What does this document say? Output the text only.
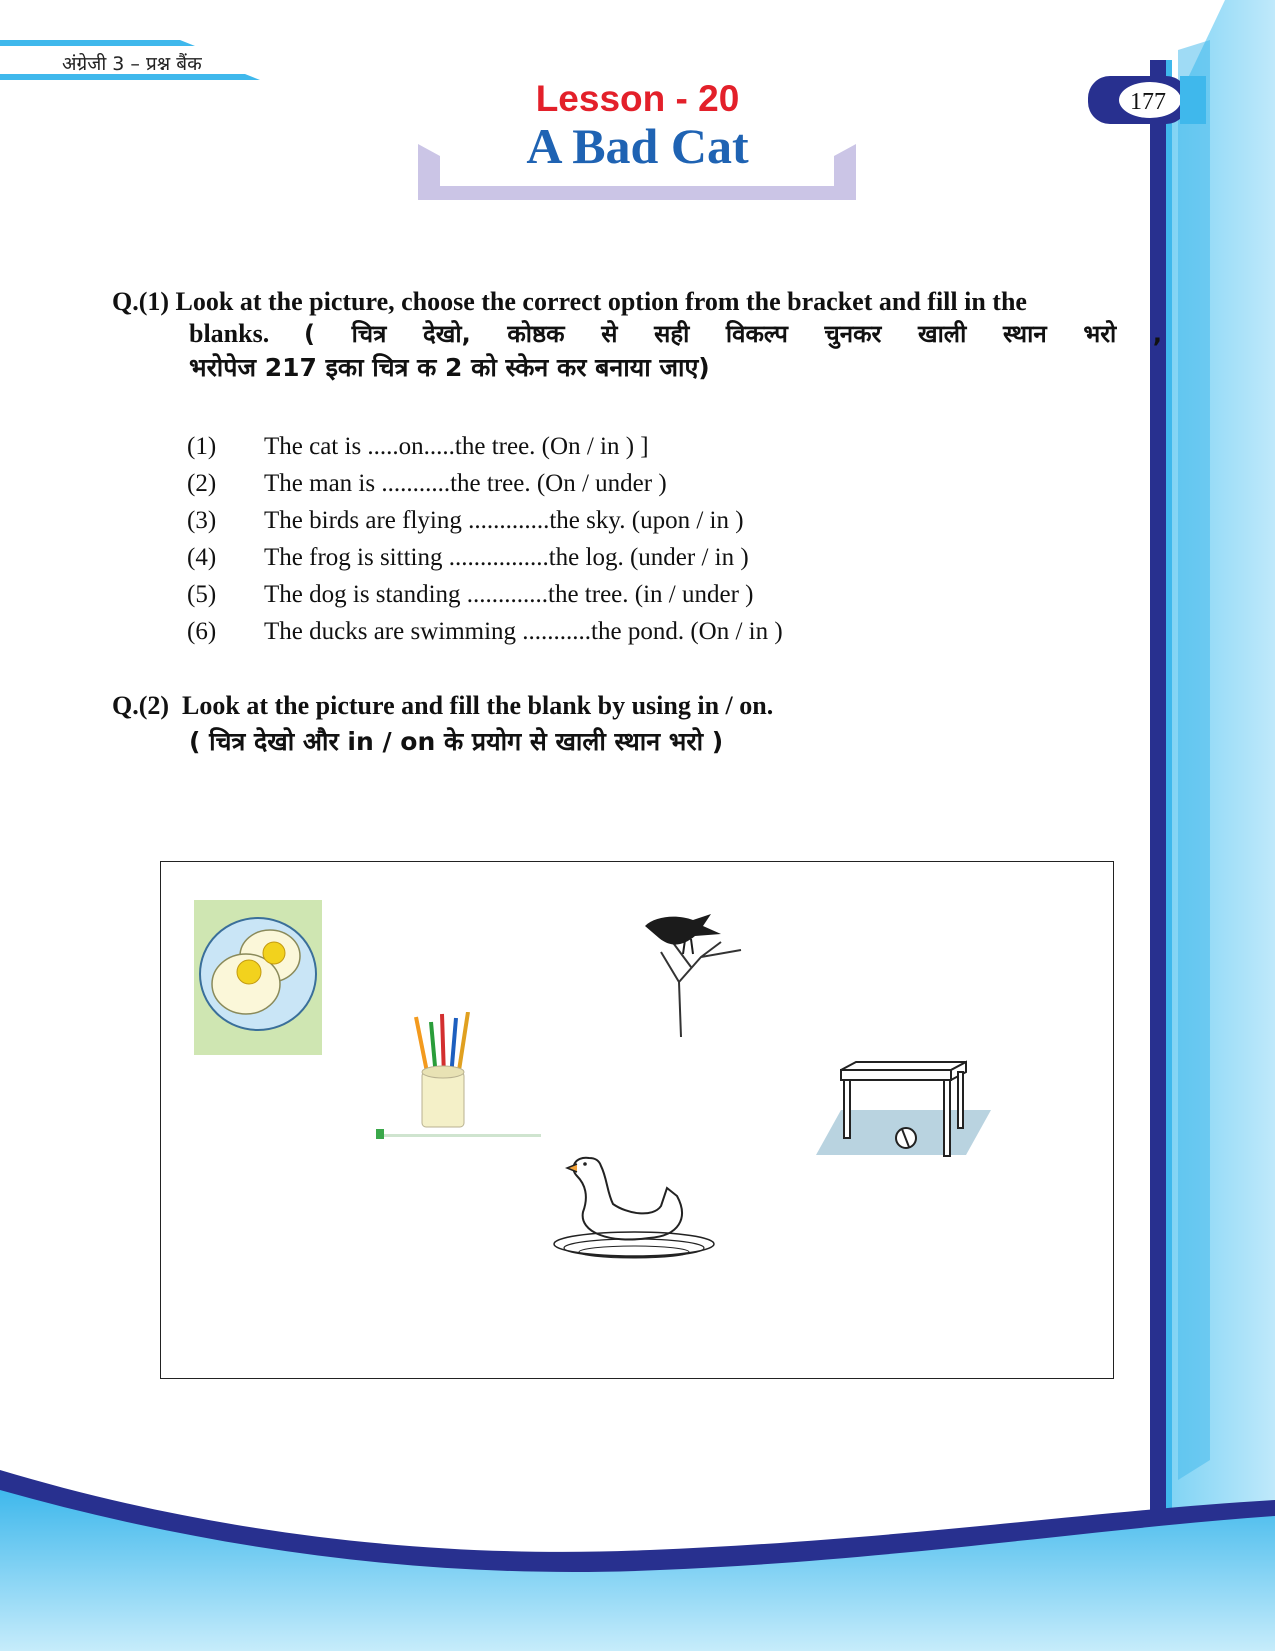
अंग्रेजी 3 – प्रश्न बैंक
177
Lesson - 20
A Bad Cat
Q.(1) Look at the picture, choose the correct option from the bracket and fill in the
blanks. ( चित्र देखो, कोष्ठक से सही विकल्प चुनकर खाली स्थान भरो ,
भरोपेज 217 इका चित्र क 2 को स्केन कर बनाया जाए)
(1) The cat is .....on.....the tree. (On / in ) ]
(2) The man is ...........the tree. (On / under )
(3) The birds are flying .............the sky. (upon / in )
(4) The frog is sitting ................the log. (under / in )
(5) The dog is standing .............the tree. (in / under )
(6) The ducks are swimming ...........the pond. (On / in )
Q.(2) Look at the picture and fill the blank by using in / on.
( चित्र देखो और in / on के प्रयोग से खाली स्थान भरो )
